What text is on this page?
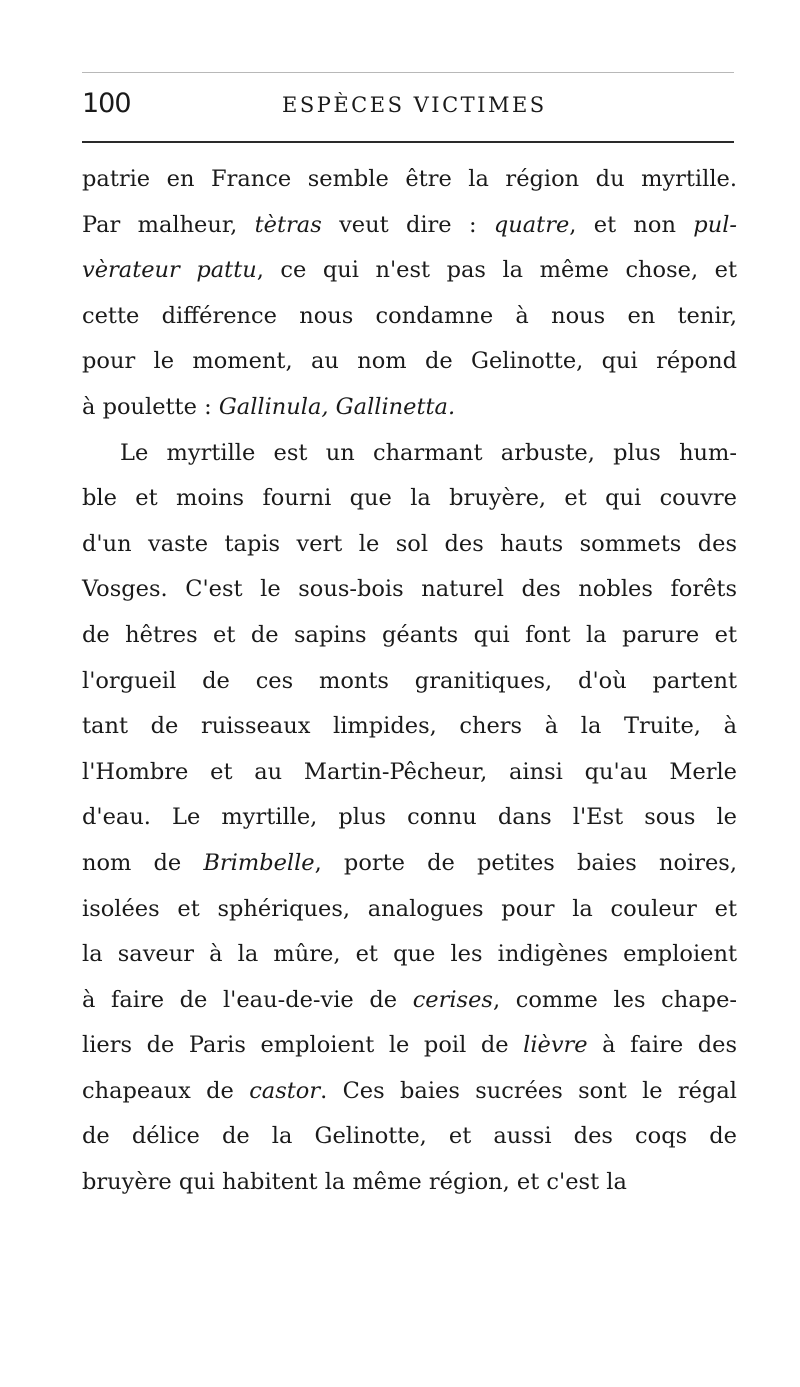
100	ESPÈCES VICTIMES
patrie en France semble être la région du myrtille.
Par malheur, tètras veut dire : quatre, et non pul-
vèrateur pattu, ce qui n'est pas la même chose, et
cette différence nous condamne à nous en tenir,
pour le moment, au nom de Gelinotte, qui répond
à poulette : Gallinula, Gallinetta.
Le myrtille est un charmant arbuste, plus hum-
ble et moins fourni que la bruyère, et qui couvre
d'un vaste tapis vert le sol des hauts sommets des
Vosges. C'est le sous-bois naturel des nobles forêts
de hêtres et de sapins géants qui font la parure et
l'orgueil de ces monts granitiques, d'où partent
tant de ruisseaux limpides, chers à la Truite, à
l'Hombre et au Martin-Pêcheur, ainsi qu'au Merle
d'eau. Le myrtille, plus connu dans l'Est sous le
nom de Brimbelle, porte de petites baies noires,
isolées et sphériques, analogues pour la couleur et
la saveur à la mûre, et que les indigènes emploient
à faire de l'eau-de-vie de cerises, comme les chape-
liers de Paris emploient le poil de lièvre à faire des
chapeaux de castor. Ces baies sucrées sont le régal
de délice de la Gelinotte, et aussi des coqs de
bruyère qui habitent la même région, et c'est la
